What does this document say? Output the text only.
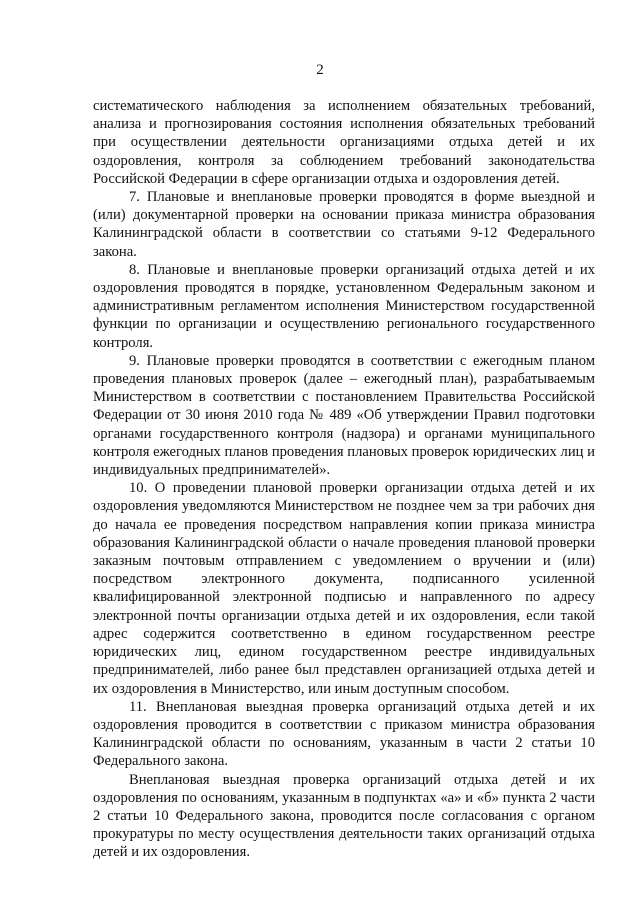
2

систематического наблюдения за исполнением обязательных требований, анализа и прогнозирования состояния исполнения обязательных требований при осуществлении деятельности организациями отдыха детей и их оздоровления, контроля за соблюдением требований законодательства Российской Федерации в сфере организации отдыха и оздоровления детей.

7. Плановые и внеплановые проверки проводятся в форме выездной и (или) документарной проверки на основании приказа министра образования Калининградской области в соответствии со статьями 9-12 Федерального закона.

8. Плановые и внеплановые проверки организаций отдыха детей и их оздоровления проводятся в порядке, установленном Федеральным законом и административным регламентом исполнения Министерством государственной функции по организации и осуществлению регионального государственного контроля.

9. Плановые проверки проводятся в соответствии с ежегодным планом проведения плановых проверок (далее – ежегодный план), разрабатываемым Министерством в соответствии с постановлением Правительства Российской Федерации от 30 июня 2010 года № 489 «Об утверждении Правил подготовки органами государственного контроля (надзора) и органами муниципального контроля ежегодных планов проведения плановых проверок юридических лиц и индивидуальных предпринимателей».

10. О проведении плановой проверки организации отдыха детей и их оздоровления уведомляются Министерством не позднее чем за три рабочих дня до начала ее проведения посредством направления копии приказа министра образования Калининградской области о начале проведения плановой проверки заказным почтовым отправлением с уведомлением о вручении и (или) посредством электронного документа, подписанного усиленной квалифицированной электронной подписью и направленного по адресу электронной почты организации отдыха детей и их оздоровления, если такой адрес содержится соответственно в едином государственном реестре юридических лиц, едином государственном реестре индивидуальных предпринимателей, либо ранее был представлен организацией отдыха детей и их оздоровления в Министерство, или иным доступным способом.

11. Внеплановая выездная проверка организаций отдыха детей и их оздоровления проводится в соответствии с приказом министра образования Калининградской области по основаниям, указанным в части 2 статьи 10 Федерального закона.

Внеплановая выездная проверка организаций отдыха детей и их оздоровления по основаниям, указанным в подпунктах «а» и «б» пункта 2 части 2 статьи 10 Федерального закона, проводится после согласования с органом прокуратуры по месту осуществления деятельности таких организаций отдыха детей и их оздоровления.
